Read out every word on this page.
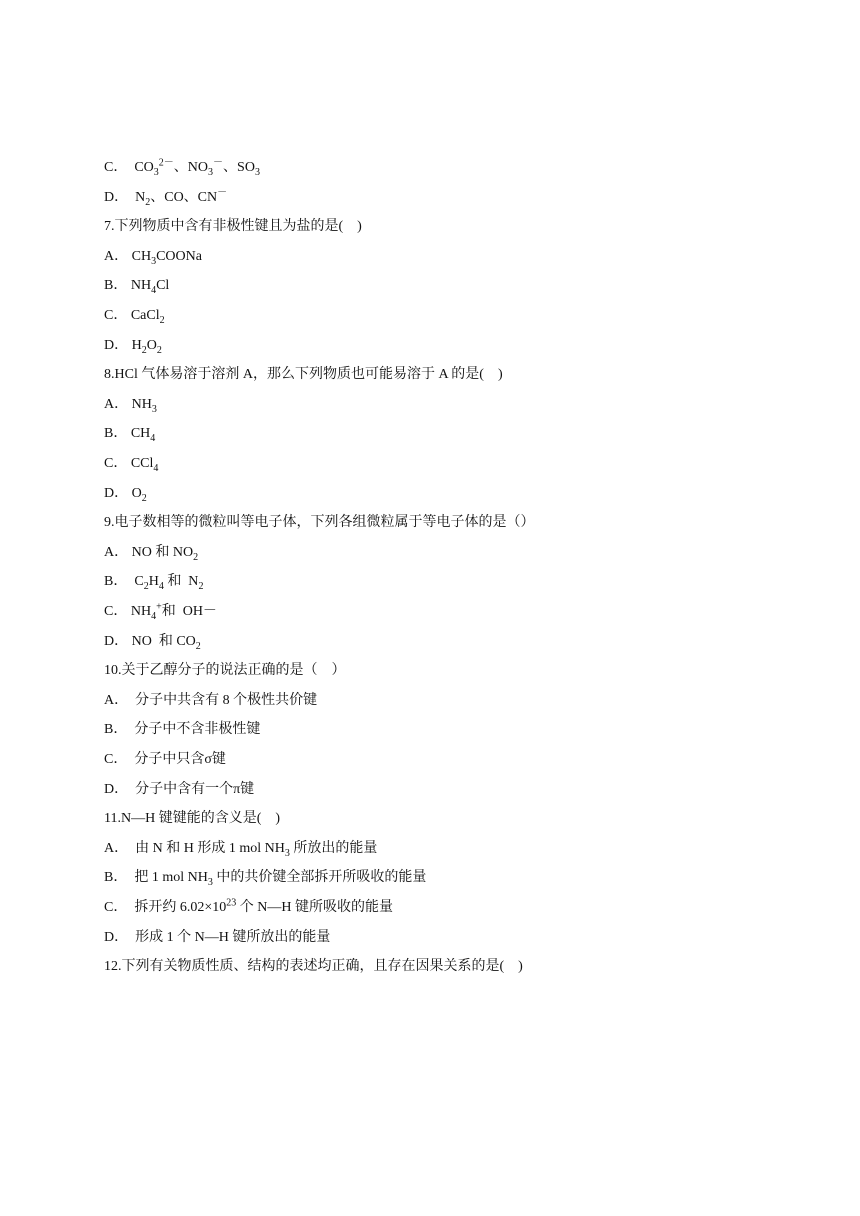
C．  $CO_3^{2-}$、$NO_3^-$、$SO_3$
D．  $N_2$、CO、CN－
7.下列物质中含有非极性键且为盐的是(    )
A． $CH_3COONa$
B． $NH_4Cl$
C． CaCl$_2$
D． $H_2O_2$
8.HCl 气体易溶于溶剂 A，那么下列物质也可能易溶于 A 的是(    )
A． $NH_3$
B． $CH_4$
C． CCl$_4$
D． $O_2$
9.电子数相等的微粒叫等电子体，下列各组微粒属于等电子体的是（）
A． NO 和 $NO_2$
B．  $C_2H_4$ 和  $N_2$
C． $NH_4^+$和  OH－
D． NO  和 $CO_2$
10.关于乙醇分子的说法正确的是（    ）
A．  分子中共含有 8 个极性共价键
B．  分子中不含非极性键
C．  分子中只含σ键
D．  分子中含有一个π键
11.N—H 键键能的含义是(    )
A．  由 N 和 H 形成 1 mol $NH_3$ 所放出的能量
B．  把 1 mol $NH_3$ 中的共价键全部拆开所吸收的能量
C．  拆开约 $6.02\times 10^{23}$ 个 N—H 键所吸收的能量
D．  形成 1 个 N—H 键所放出的能量
12.下列有关物质性质、结构的表述均正确，且存在因果关系的是(    )
